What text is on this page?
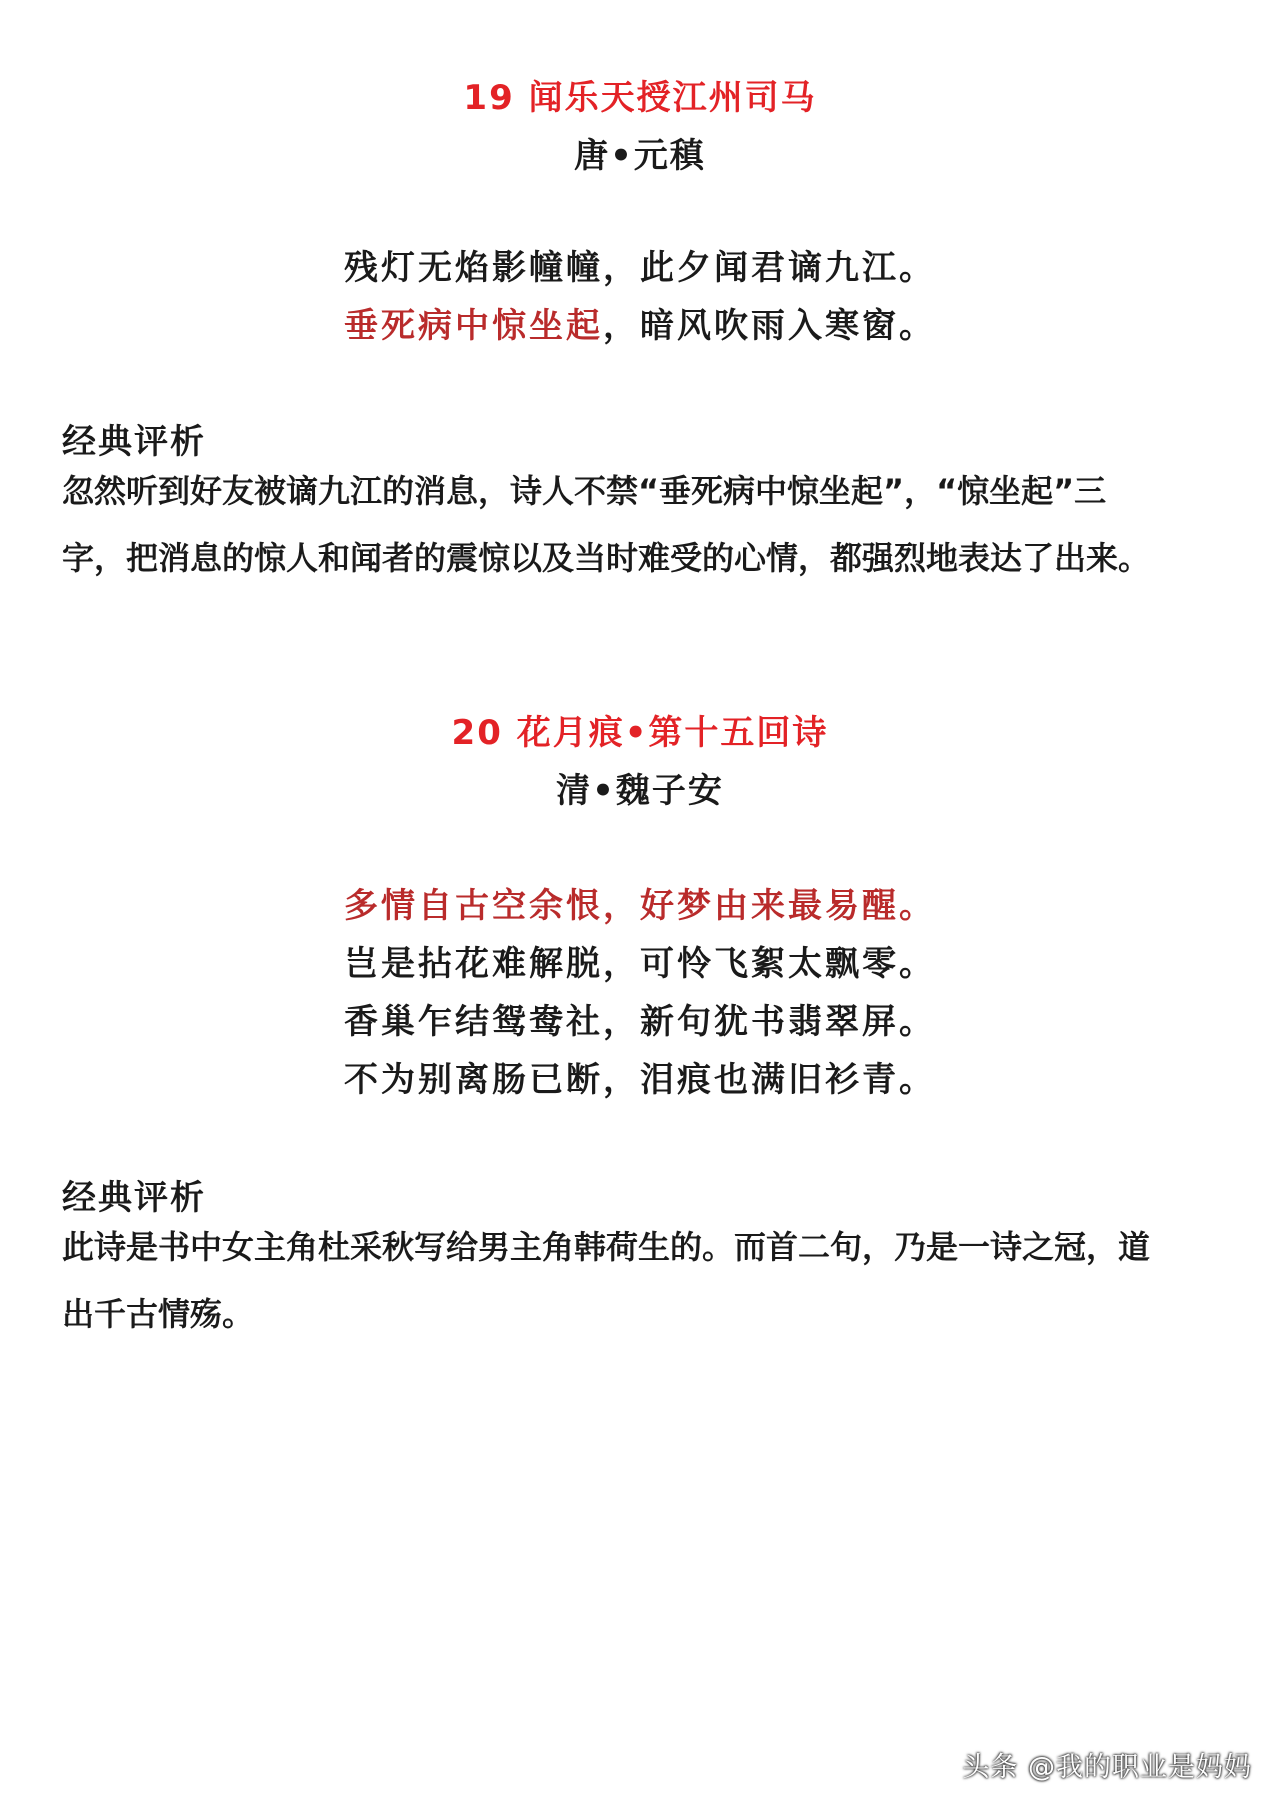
19 闻乐天授江州司马
唐•元稹
残灯无焰影幢幢，此夕闻君谪九江。
垂死病中惊坐起，暗风吹雨入寒窗。
经典评析
忽然听到好友被谪九江的消息，诗人不禁“垂死病中惊坐起”，“惊坐起”三
字，把消息的惊人和闻者的震惊以及当时难受的心情，都强烈地表达了出来。
20 花月痕•第十五回诗
清•魏子安
多情自古空余恨，好梦由来最易醒。
岂是拈花难解脱，可怜飞絮太飘零。
香巢乍结鸳鸯社，新句犹书翡翠屏。
不为别离肠已断，泪痕也满旧衫青。
经典评析
此诗是书中女主角杜采秋写给男主角韩荷生的。而首二句，乃是一诗之冠，道
出千古情殇。
头条 @我的职业是妈妈
